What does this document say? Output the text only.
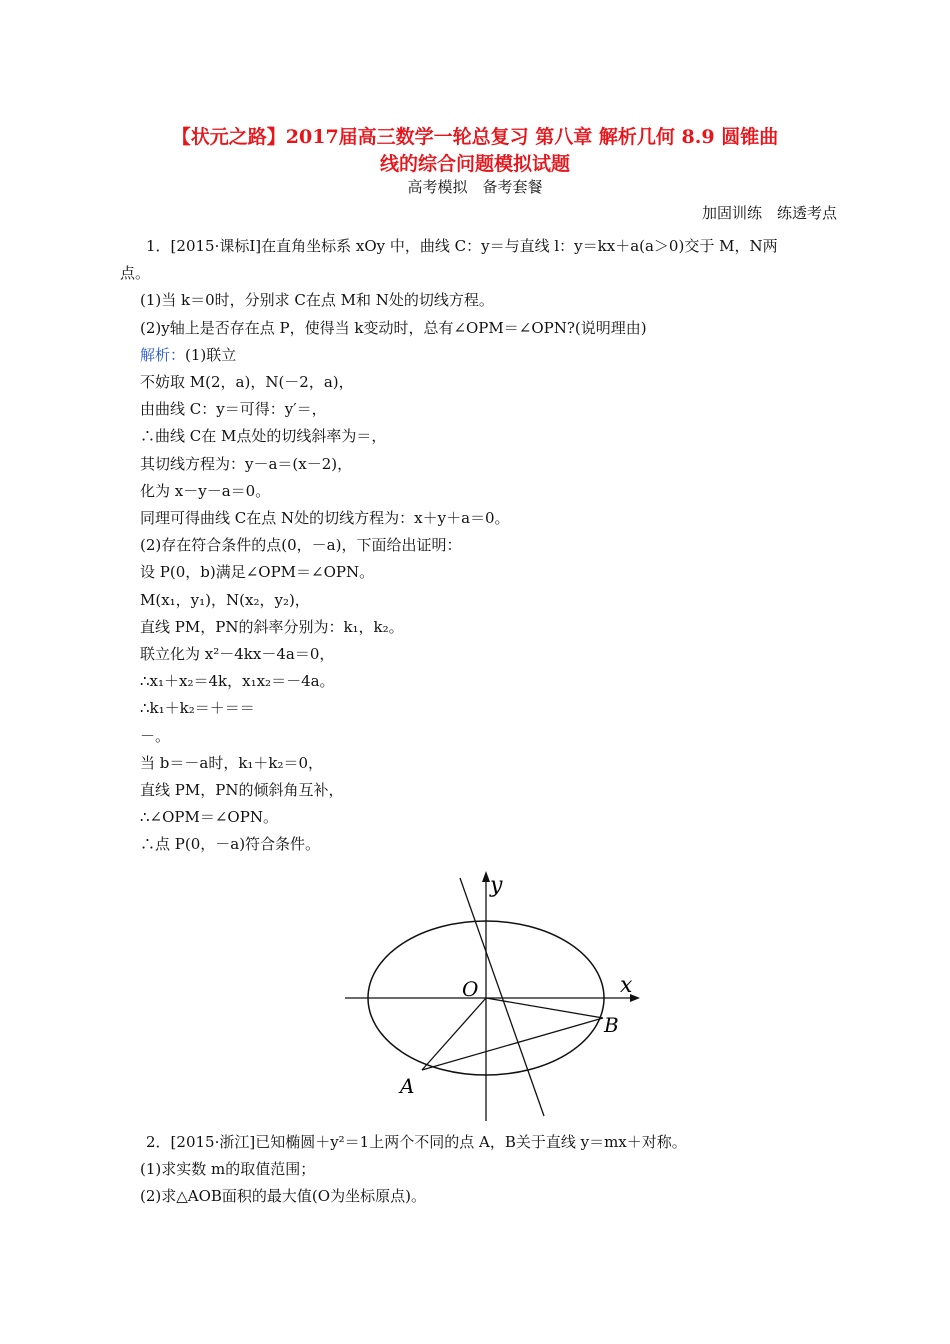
【状元之路】2017届高三数学一轮总复习 第八章 解析几何 8.9 圆锥曲
线的综合问题模拟试题
高考模拟　备考套餐
加固训练　练透考点
1．[2015·课标Ⅰ]在直角坐标系 xOy 中，曲线 C：y＝与直线 l：y＝kx＋a(a＞0)交于 M，N两
点。
(1)当 k＝0时，分别求 C在点 M和 N处的切线方程。
(2)y轴上是否存在点 P，使得当 k变动时，总有∠OPM＝∠OPN?(说明理由)
解析：(1)联立
不妨取 M(2，a)，N(－2，a)，
由曲线 C：y＝可得：y′＝，
∴曲线 C在 M点处的切线斜率为＝，
其切线方程为：y－a＝(x－2)，
化为 x－y－a＝0。
同理可得曲线 C在点 N处的切线方程为：x＋y＋a＝0。
(2)存在符合条件的点(0，－a)，下面给出证明：
设 P(0，b)满足∠OPM＝∠OPN。
M(x₁，y₁)，N(x₂，y₂)，
直线 PM，PN的斜率分别为：k₁，k₂。
联立化为 x²－4kx－4a＝0，
∴x₁＋x₂＝4k，x₁x₂＝－4a。
∴k₁＋k₂＝＋＝＝
－。
当 b＝－a时，k₁＋k₂＝0，
直线 PM，PN的倾斜角互补，
∴∠OPM＝∠OPN。
∴点 P(0，－a)符合条件。
y
x
O
A
B
2．[2015·浙江]已知椭圆＋y²＝1上两个不同的点 A，B关于直线 y＝mx＋对称。
(1)求实数 m的取值范围；
(2)求△AOB面积的最大值(O为坐标原点)。
